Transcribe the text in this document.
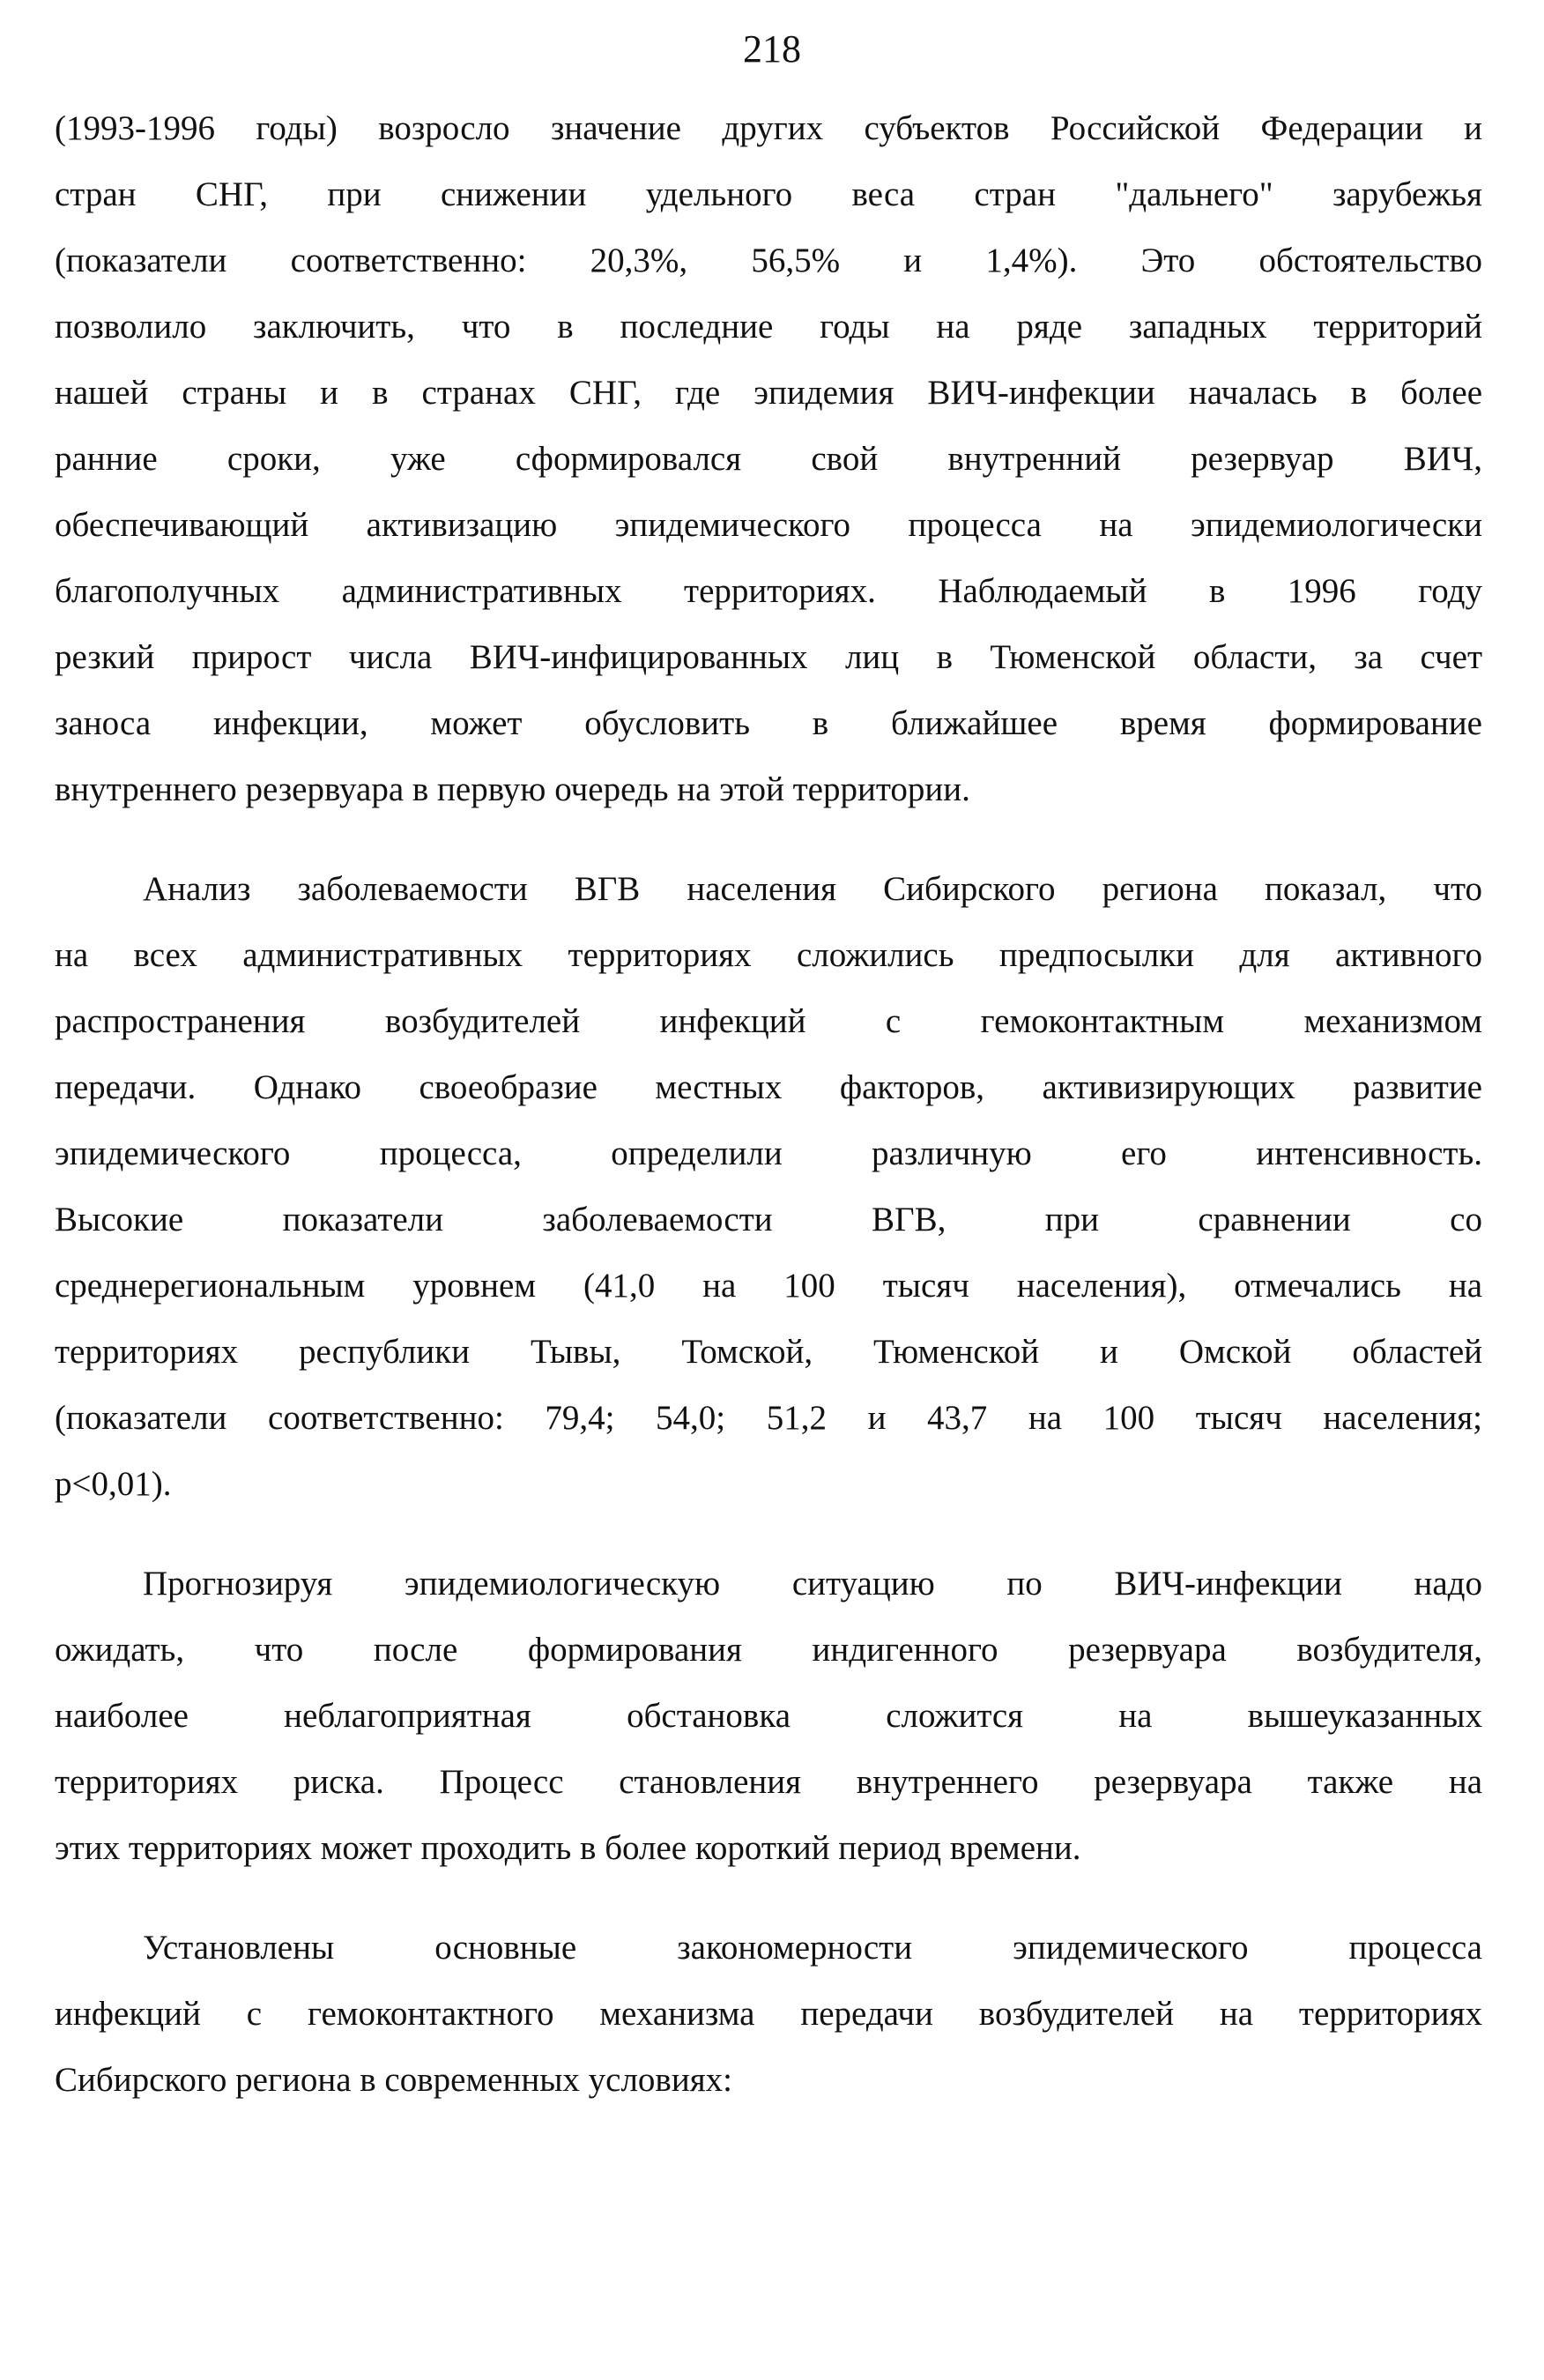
218
(1993-1996 годы) возросло значение других субъектов Российской Федерации и
стран СНГ, при снижении удельного веса стран "дальнего" зарубежья
(показатели соответственно: 20,3%, 56,5% и 1,4%). Это обстоятельство
позволило заключить, что в последние годы на ряде западных территорий
нашей страны и в странах СНГ, где эпидемия ВИЧ-инфекции началась в более
ранние сроки, уже сформировался свой внутренний резервуар ВИЧ,
обеспечивающий активизацию эпидемического процесса на эпидемиологически
благополучных административных территориях. Наблюдаемый в 1996 году
резкий прирост числа ВИЧ-инфицированных лиц в Тюменской области, за счет
заноса инфекции, может обусловить в ближайшее время формирование
внутреннего резервуара в первую очередь на этой территории.
Анализ заболеваемости ВГВ населения Сибирского региона показал, что
на всех административных территориях сложились предпосылки для активного
распространения возбудителей инфекций с гемоконтактным механизмом
передачи. Однако своеобразие местных факторов, активизирующих развитие
эпидемического процесса, определили различную его интенсивность.
Высокие показатели заболеваемости ВГВ, при сравнении со
среднерегиональным уровнем (41,0 на 100 тысяч населения), отмечались на
территориях республики Тывы, Томской, Тюменской и Омской областей
(показатели соответственно: 79,4; 54,0; 51,2 и 43,7 на 100 тысяч населения;
p<0,01).
Прогнозируя эпидемиологическую ситуацию по ВИЧ-инфекции надо
ожидать, что после формирования индигенного резервуара возбудителя,
наиболее неблагоприятная обстановка сложится на вышеуказанных
территориях риска. Процесс становления внутреннего резервуара также на
этих территориях может проходить в более короткий период времени.
Установлены основные закономерности эпидемического процесса
инфекций с гемоконтактного механизма передачи возбудителей на территориях
Сибирского региона в современных условиях:
